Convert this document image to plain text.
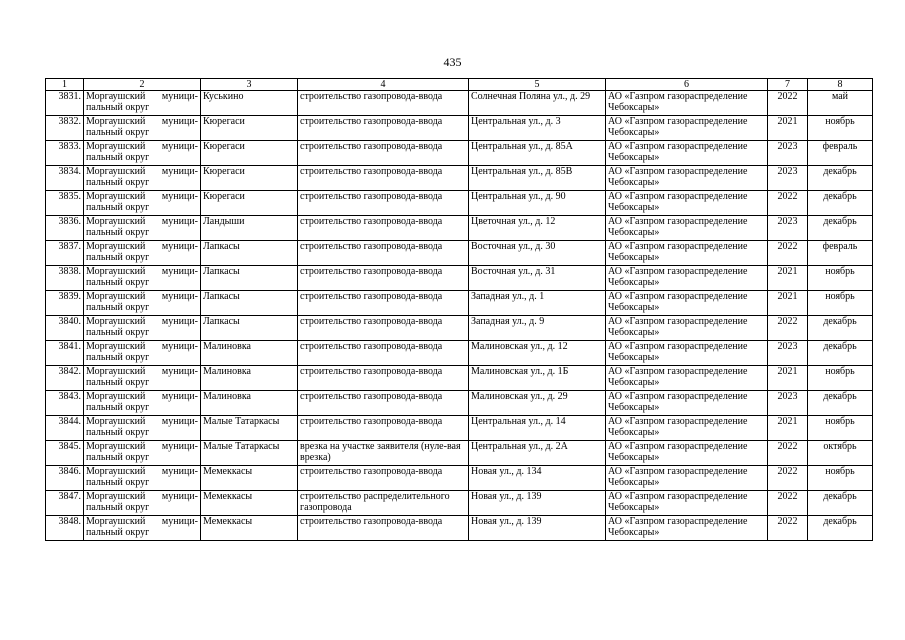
435
1	2	3	4	5	6	7	8
3831.	Моргаушский муници-пальный округ	Куськино	строительство газопровода-ввода	Солнечная Поляна ул., д. 29	АО «Газпром газораспределение Чебоксары»	2022	май
3832.	Моргаушский муници-пальный округ	Кюрегаси	строительство газопровода-ввода	Центральная ул., д. 3	АО «Газпром газораспределение Чебоксары»	2021	ноябрь
3833.	Моргаушский муници-пальный округ	Кюрегаси	строительство газопровода-ввода	Центральная ул., д. 85А	АО «Газпром газораспределение Чебоксары»	2023	февраль
3834.	Моргаушский муници-пальный округ	Кюрегаси	строительство газопровода-ввода	Центральная ул., д. 85В	АО «Газпром газораспределение Чебоксары»	2023	декабрь
3835.	Моргаушский муници-пальный округ	Кюрегаси	строительство газопровода-ввода	Центральная ул., д. 90	АО «Газпром газораспределение Чебоксары»	2022	декабрь
3836.	Моргаушский муници-пальный округ	Ландыши	строительство газопровода-ввода	Цветочная ул., д. 12	АО «Газпром газораспределение Чебоксары»	2023	декабрь
3837.	Моргаушский муници-пальный округ	Лапкасы	строительство газопровода-ввода	Восточная ул., д. 30	АО «Газпром газораспределение Чебоксары»	2022	февраль
3838.	Моргаушский муници-пальный округ	Лапкасы	строительство газопровода-ввода	Восточная ул., д. 31	АО «Газпром газораспределение Чебоксары»	2021	ноябрь
3839.	Моргаушский муници-пальный округ	Лапкасы	строительство газопровода-ввода	Западная ул., д. 1	АО «Газпром газораспределение Чебоксары»	2021	ноябрь
3840.	Моргаушский муници-пальный округ	Лапкасы	строительство газопровода-ввода	Западная ул., д. 9	АО «Газпром газораспределение Чебоксары»	2022	декабрь
3841.	Моргаушский муници-пальный округ	Малиновка	строительство газопровода-ввода	Малиновская ул., д. 12	АО «Газпром газораспределение Чебоксары»	2023	декабрь
3842.	Моргаушский муници-пальный округ	Малиновка	строительство газопровода-ввода	Малиновская ул., д. 1Б	АО «Газпром газораспределение Чебоксары»	2021	ноябрь
3843.	Моргаушский муници-пальный округ	Малиновка	строительство газопровода-ввода	Малиновская ул., д. 29	АО «Газпром газораспределение Чебоксары»	2023	декабрь
3844.	Моргаушский муници-пальный округ	Малые Татаркасы	строительство газопровода-ввода	Центральная ул., д. 14	АО «Газпром газораспределение Чебоксары»	2021	ноябрь
3845.	Моргаушский муници-пальный округ	Малые Татаркасы	врезка на участке заявителя (нуле-вая врезка)	Центральная ул., д. 2А	АО «Газпром газораспределение Чебоксары»	2022	октябрь
3846.	Моргаушский муници-пальный округ	Мемеккасы	строительство газопровода-ввода	Новая ул., д. 134	АО «Газпром газораспределение Чебоксары»	2022	ноябрь
3847.	Моргаушский муници-пальный округ	Мемеккасы	строительство распределительного газопровода	Новая ул., д. 139	АО «Газпром газораспределение Чебоксары»	2022	декабрь
3848.	Моргаушский муници-пальный округ	Мемеккасы	строительство газопровода-ввода	Новая ул., д. 139	АО «Газпром газораспределение Чебоксары»	2022	декабрь
